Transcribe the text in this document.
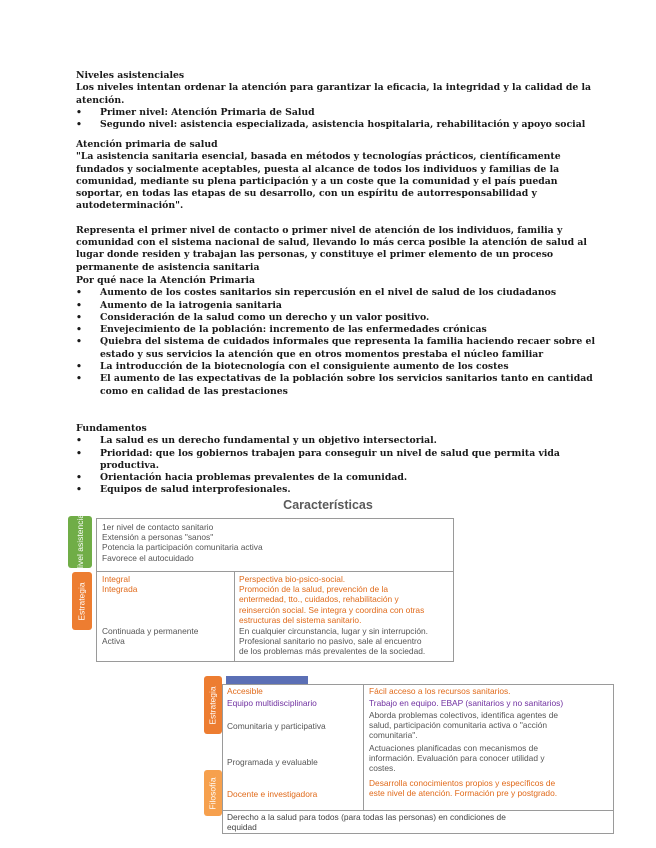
Niveles asistenciales

Los niveles intentan ordenar la atención para garantizar la eficacia, la integridad y la calidad de la atención.

• Primer nivel: Atención Primaria de Salud
• Segundo nivel: asistencia especializada, asistencia hospitalaria, rehabilitación y apoyo social

Atención primaria de salud

"La asistencia sanitaria esencial, basada en métodos y tecnologías prácticos, científicamente fundados y socialmente aceptables, puesta al alcance de todos los individuos y familias de la comunidad, mediante su plena participación y a un coste que la comunidad y el país puedan soportar, en todas las etapas de su desarrollo, con un espíritu de autorresponsabilidad y autodeterminación".

Representa el primer nivel de contacto o primer nivel de atención de los individuos, familia y comunidad con el sistema nacional de salud, llevando lo más cerca posible la atención de salud al lugar donde residen y trabajan las personas, y constituye el primer elemento de un proceso permanente de asistencia sanitaria

Por qué nace la Atención Primaria

• Aumento de los costes sanitarios sin repercusión en el nivel de salud de los ciudadanos
• Aumento de la iatrogenia sanitaria
• Consideración de la salud como un derecho y un valor positivo.
• Envejecimiento de la población: incremento de las enfermedades crónicas
• Quiebra del sistema de cuidados informales que representa la familia haciendo recaer sobre el estado y sus servicios la atención que en otros momentos prestaba el núcleo familiar
• La introducción de la biotecnología con el consiguiente aumento de los costes
• El aumento de las expectativas de la población sobre los servicios sanitarios tanto en cantidad como en calidad de las prestaciones

Fundamentos

• La salud es un derecho fundamental y un objetivo intersectorial.
• Prioridad: que los gobiernos trabajen para conseguir un nivel de salud que permita vida productiva.
• Orientación hacia problemas prevalentes de la comunidad.
• Equipos de salud interprofesionales.
Características
Nivel asistencial
Estrategia
1er nivel de contacto sanitario
Extensión a personas "sanos"
Potencia la participación comunitaria activa
Favorece el autocuidado
Integral
Integrada
Continuada y permanente
Activa
Perspectiva bio-psico-social.
Promoción de la salud, prevención de la
entermedad, tto., cuidados, rehabilitación y
reinserción social. Se integra y coordina con otras
estructuras del sistema sanitario.
En cualquier circunstancia, lugar y sin interrupción.
Profesional sanitario no pasivo, sale al encuentro
de los problemas más prevalentes de la sociedad.
Estrategia
Filosofía
Accesible	Fácil acceso a los recursos sanitarios.
Equipo multidisciplinario	Trabajo en equipo. EBAP (sanitarios y no sanitarios)
Comunitaria y participativa
Aborda problemas colectivos, identifica agentes de
salud, participación comunitaria activa o "acción
comunitaria".
Programada y evaluable
Actuaciones planificadas con mecanismos de
información. Evaluación para conocer utilidad y
costes.
Docente e investigadora
Desarrolla conocimientos propios y específicos de
este nivel de atención. Formación pre y postgrado.
Derecho a la salud para todos (para todas las personas) en condiciones de
equidad
